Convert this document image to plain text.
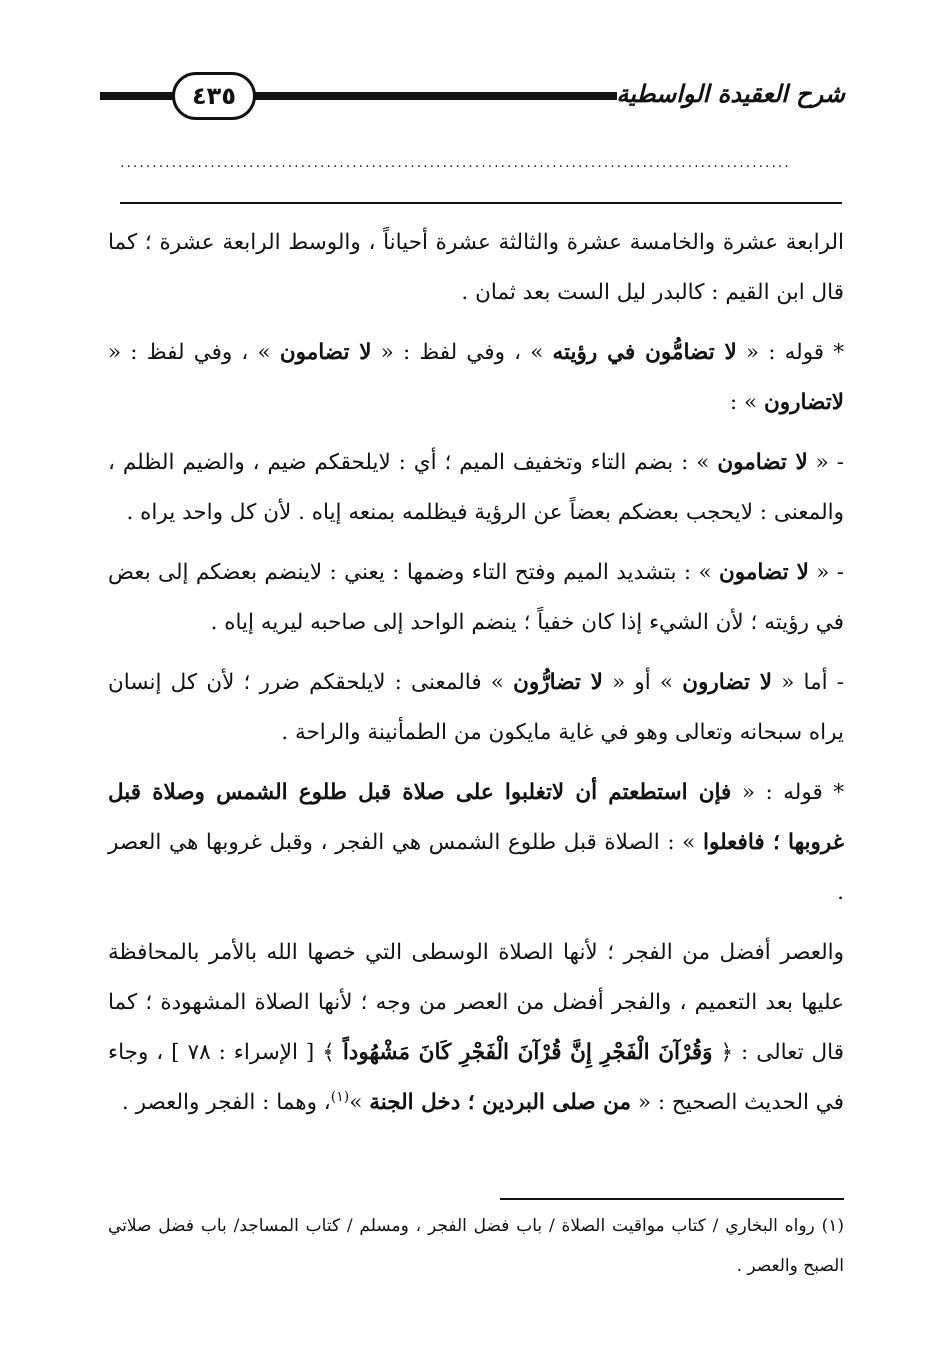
٤٣٥	شرح العقيدة الواسطية
........................................................................................................

الرابعة عشرة والخامسة عشرة والثالثة عشرة أحياناً ، والوسط الرابعة عشرة ؛ كما قال ابن القيم : كالبدر ليل الست بعد ثمان .

* قوله : « لا تضامُّون في رؤيته » ، وفي لفظ : « لا تضامون » ، وفي لفظ : « لاتضارون » :

- « لا تضامون » : بضم التاء وتخفيف الميم ؛ أي : لايلحقكم ضيم ، والضيم الظلم ، والمعنى : لايحجب بعضكم بعضاً عن الرؤية فيظلمه بمنعه إياه . لأن كل واحد يراه .

- « لا تضامون » : بتشديد الميم وفتح التاء وضمها : يعني : لاينضم بعضكم إلى بعض في رؤيته ؛ لأن الشيء إذا كان خفياً ؛ ينضم الواحد إلى صاحبه ليريه إياه .

- أما « لا تضارون » أو « لا تضارُّون » فالمعنى : لايلحقكم ضرر ؛ لأن كل إنسان يراه سبحانه وتعالى وهو في غاية مايكون من الطمأنينة والراحة .

* قوله : « فإن استطعتم أن لاتغلبوا على صلاة قبل طلوع الشمس وصلاة قبل غروبها ؛ فافعلوا » : الصلاة قبل طلوع الشمس هي الفجر ، وقبل غروبها هي العصر .

والعصر أفضل من الفجر ؛ لأنها الصلاة الوسطى التي خصها الله بالأمر بالمحافظة عليها بعد التعميم ، والفجر أفضل من العصر من وجه ؛ لأنها الصلاة المشهودة ؛ كما قال تعالى : ﴿ وَقُرْآنَ الْفَجْرِ إِنَّ قُرْآنَ الْفَجْرِ كَانَ مَشْهُوداً ﴾ [ الإسراء : ٧٨ ] ، وجاء في الحديث الصحيح : « من صلى البردين ؛ دخل الجنة »$^{(١)}$، وهما : الفجر والعصر .

(١) رواه البخاري / كتاب مواقيت الصلاة / باب فضل الفجر ، ومسلم / كتاب المساجد/ باب فضل صلاتي الصبح والعصر .
